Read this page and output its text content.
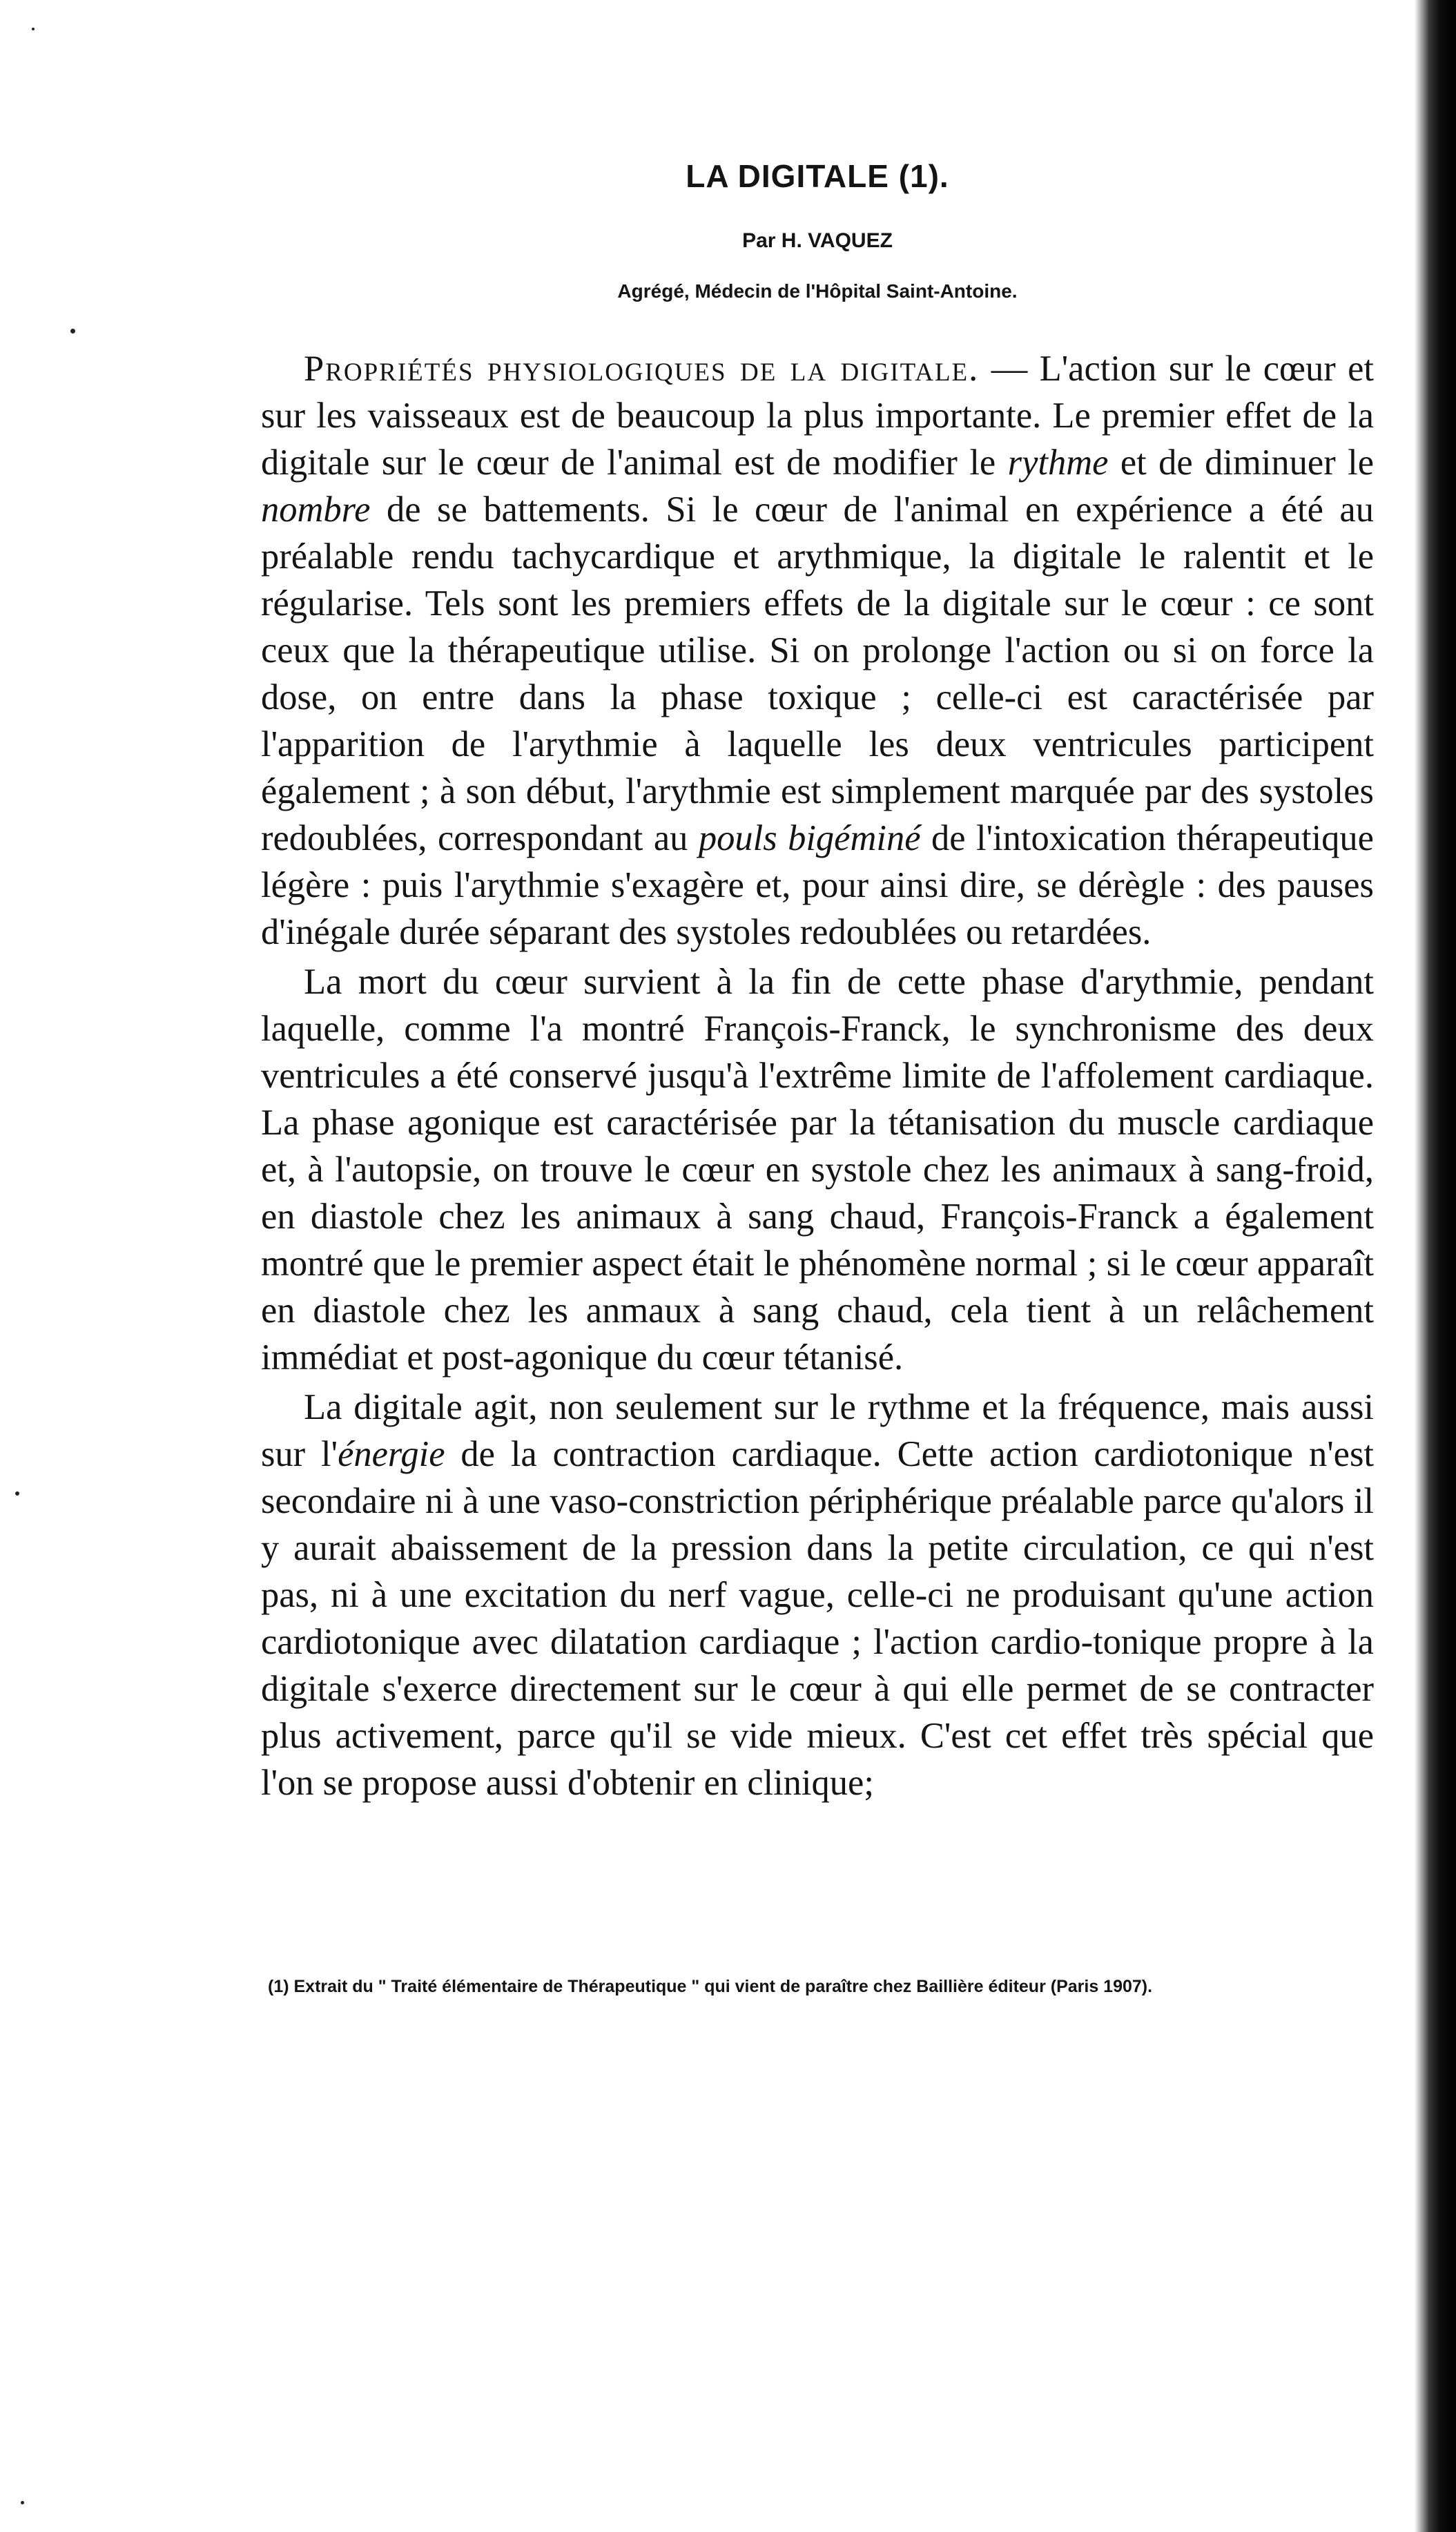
LA DIGITALE (1).
Par H. VAQUEZ
Agrégé, Médecin de l'Hôpital Saint-Antoine.

Propriétés physiologiques de la digitale. — L'action sur le cœur et sur les vaisseaux est de beaucoup la plus importante. Le premier effet de la digitale sur le cœur de l'animal est de modifier le rythme et de diminuer le nombre de se battements. Si le cœur de l'animal en expérience a été au préalable rendu tachycardique et arythmique, la digitale le ralentit et le régularise. Tels sont les premiers effets de la digitale sur le cœur : ce sont ceux que la thérapeutique utilise. Si on prolonge l'action ou si on force la dose, on entre dans la phase toxique ; celle-ci est caractérisée par l'apparition de l'arythmie à laquelle les deux ventricules participent également ; à son début, l'arythmie est simplement marquée par des systoles redoublées, correspondant au pouls bigéminé de l'intoxication thérapeutique légère : puis l'arythmie s'exagère et, pour ainsi dire, se dérègle : des pauses d'inégale durée séparant des systoles redoublées ou retardées.

La mort du cœur survient à la fin de cette phase d'arythmie, pendant laquelle, comme l'a montré François-Franck, le synchronisme des deux ventricules a été conservé jusqu'à l'extrême limite de l'affolement cardiaque. La phase agonique est caractérisée par la tétanisation du muscle cardiaque et, à l'autopsie, on trouve le cœur en systole chez les animaux à sang-froid, en diastole chez les animaux à sang chaud, François-Franck a également montré que le premier aspect était le phénomène normal ; si le cœur apparaît en diastole chez les anmaux à sang chaud, cela tient à un relâchement immédiat et post-agonique du cœur tétanisé.

La digitale agit, non seulement sur le rythme et la fréquence, mais aussi sur l'énergie de la contraction cardiaque. Cette action cardiotonique n'est secondaire ni à une vaso-constriction périphérique préalable parce qu'alors il y aurait abaissement de la pression dans la petite circulation, ce qui n'est pas, ni à une excitation du nerf vague, celle-ci ne produisant qu'une action cardiotonique avec dilatation cardiaque ; l'action cardio-tonique propre à la digitale s'exerce directement sur le cœur à qui elle permet de se contracter plus activement, parce qu'il se vide mieux. C'est cet effet très spécial que l'on se propose aussi d'obtenir en clinique;

(1) Extrait du " Traité élémentaire de Thérapeutique " qui vient de paraître chez Baillière éditeur (Paris 1907).
